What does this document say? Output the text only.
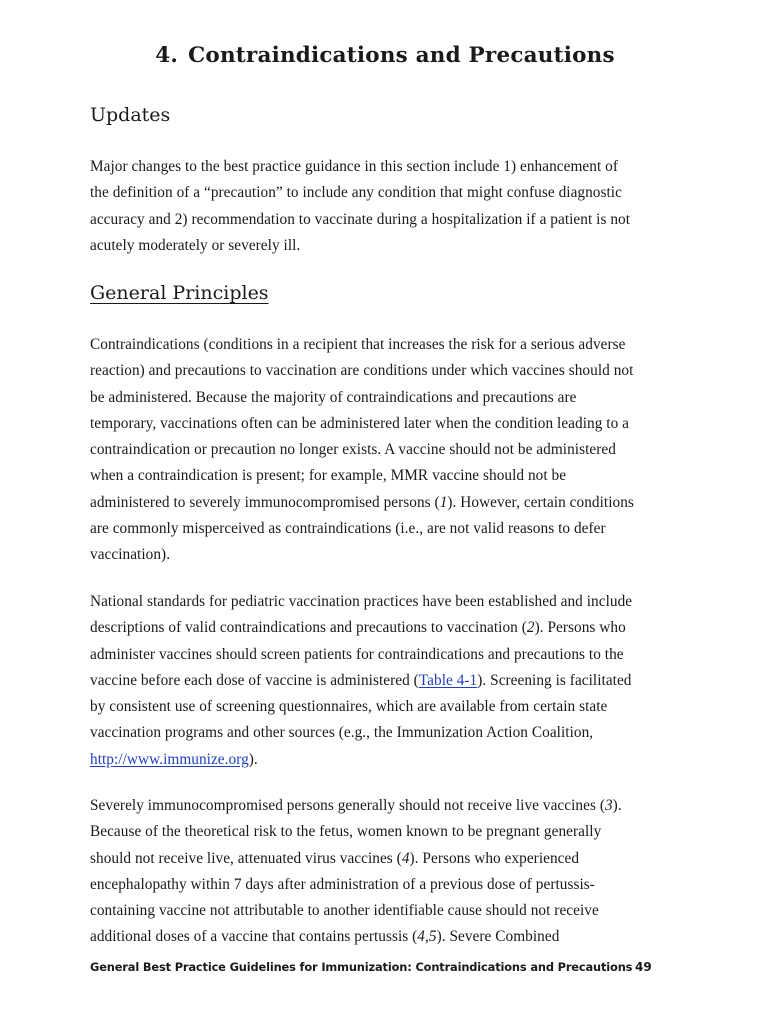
4. Contraindications and Precautions
Updates

Major changes to the best practice guidance in this section include 1) enhancement of
the definition of a “precaution” to include any condition that might confuse diagnostic
accuracy and 2) recommendation to vaccinate during a hospitalization if a patient is not
acutely moderately or severely ill.

General Principles

Contraindications (conditions in a recipient that increases the risk for a serious adverse
reaction) and precautions to vaccination are conditions under which vaccines should not
be administered. Because the majority of contraindications and precautions are
temporary, vaccinations often can be administered later when the condition leading to a
contraindication or precaution no longer exists. A vaccine should not be administered
when a contraindication is present; for example, MMR vaccine should not be
administered to severely immunocompromised persons (1). However, certain conditions
are commonly misperceived as contraindications (i.e., are not valid reasons to defer
vaccination).

National standards for pediatric vaccination practices have been established and include
descriptions of valid contraindications and precautions to vaccination (2). Persons who
administer vaccines should screen patients for contraindications and precautions to the
vaccine before each dose of vaccine is administered (Table 4-1). Screening is facilitated
by consistent use of screening questionnaires, which are available from certain state
vaccination programs and other sources (e.g., the Immunization Action Coalition,
http://www.immunize.org).

Severely immunocompromised persons generally should not receive live vaccines (3).
Because of the theoretical risk to the fetus, women known to be pregnant generally
should not receive live, attenuated virus vaccines (4). Persons who experienced
encephalopathy within 7 days after administration of a previous dose of pertussis-
containing vaccine not attributable to another identifiable cause should not receive
additional doses of a vaccine that contains pertussis (4,5). Severe Combined

General Best Practice Guidelines for Immunization: Contraindications and Precautions 49
